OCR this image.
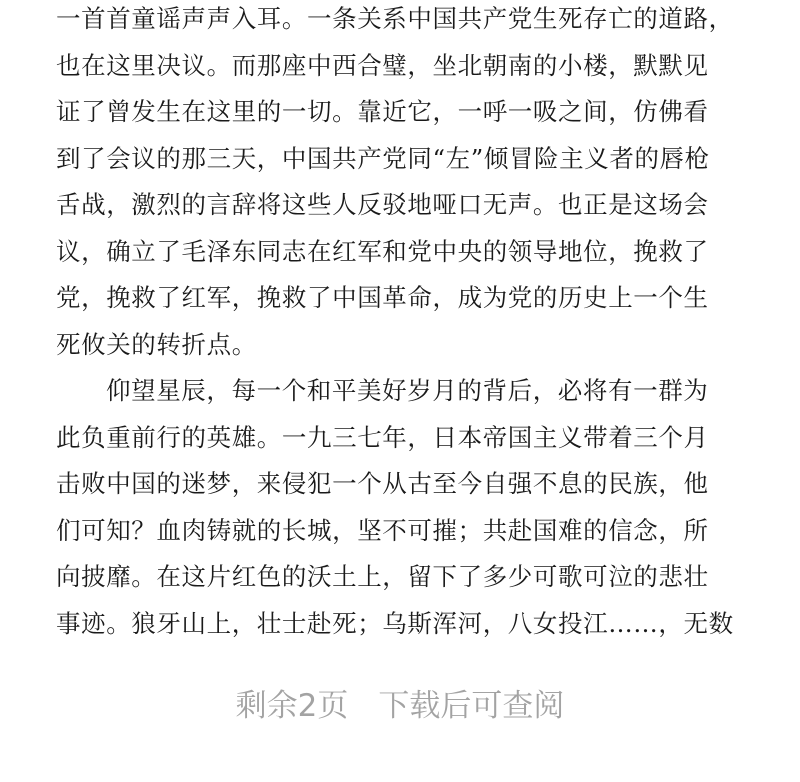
一首首童谣声声入耳。一条关系中国共产党生死存亡的道路，
也在这里决议。而那座中西合璧，坐北朝南的小楼，默默见
证了曾发生在这里的一切。靠近它，一呼一吸之间，仿佛看
到了会议的那三天，中国共产党同“左”倾冒险主义者的唇枪
舌战，激烈的言辞将这些人反驳地哑口无声。也正是这场会
议，确立了毛泽东同志在红军和党中央的领导地位，挽救了
党，挽救了红军，挽救了中国革命，成为党的历史上一个生
死攸关的转折点。
仰望星辰，每一个和平美好岁月的背后，必将有一群为
此负重前行的英雄。一九三七年，日本帝国主义带着三个月
击败中国的迷梦，来侵犯一个从古至今自强不息的民族，他
们可知？血肉铸就的长城，坚不可摧；共赴国难的信念，所
向披靡。在这片红色的沃土上，留下了多少可歌可泣的悲壮
事迹。狼牙山上，壮士赴死；乌斯浑河，八女投江……，无数
剩余2页 下载后可查阅
